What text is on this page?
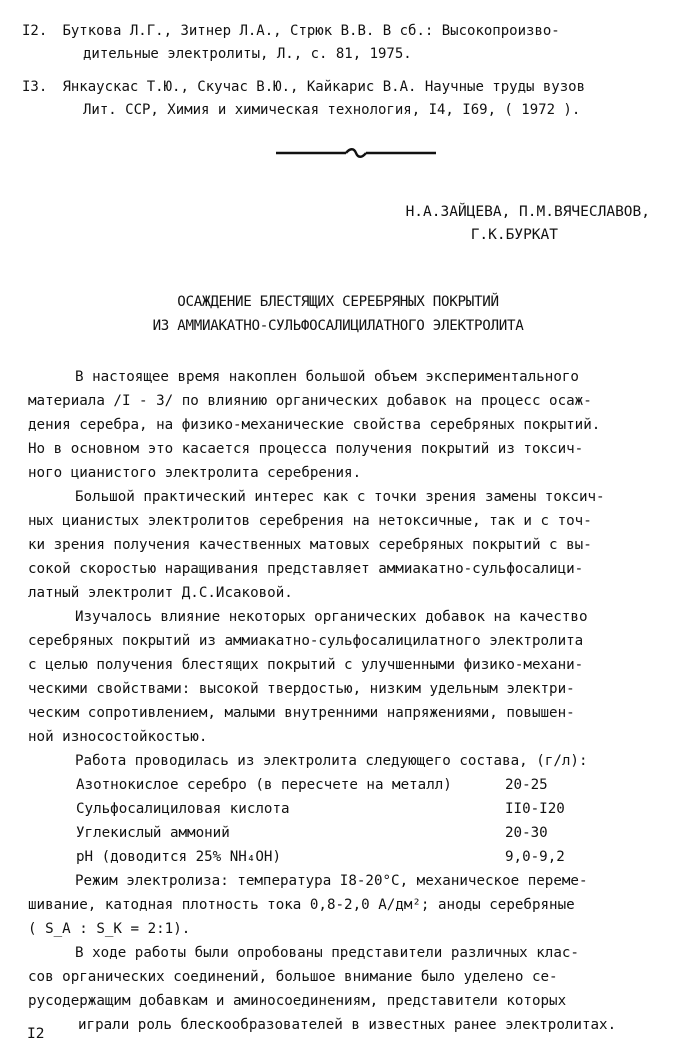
I2. Буткова Л.Г., Зитнер Л.А., Стрюк В.В. В сб.: Высокопроизво-
дительные электролиты, Л., с. 81, 1975.
I3. Янкаускас Т.Ю., Скучас В.Ю., Кайкарис В.А. Научные труды вузов
Лит. ССР, Химия и химическая технология, I4, I69, ( 1972 ).
Н.А.ЗАЙЦЕВА, П.М.ВЯЧЕСЛАВОВ,
Г.К.БУРКАТ
ОСАЖДЕНИЕ БЛЕСТЯЩИХ СЕРЕБРЯНЫХ ПОКРЫТИЙ
ИЗ АММИАКАТНО-СУЛЬФОСАЛИЦИЛАТНОГО ЭЛЕКТРОЛИТА
В настоящее время накоплен большой объем экспериментального
материала /I - 3/ по влиянию органических добавок на процесс осаж-
дения серебра, на физико-механические свойства серебряных покрытий.
Но в основном это касается процесса получения покрытий из токсич-
ного цианистого электролита серебрения.
Большой практический интерес как с точки зрения замены токсич-
ных цианистых электролитов серебрения на нетоксичные, так и с точ-
ки зрения получения качественных матовых серебряных покрытий с вы-
сокой скоростью наращивания представляет аммиакатно-сульфосалици-
латный электролит Д.С.Исаковой.
Изучалось влияние некоторых органических добавок на качество
серебряных покрытий из аммиакатно-сульфосалицилатного электролита
с целью получения блестящих покрытий с улучшенными физико-механи-
ческими свойствами: высокой твердостью, низким удельным электри-
ческим сопротивлением, малыми внутренними напряжениями, повышен-
ной износостойкостью.
Работа проводилась из электролита следующего состава, (г/л):
Азотнокислое серебро (в пересчете на металл)	20-25
Сульфосалициловая кислота	II0-I20
Углекислый аммоний	20-30
pH (доводится 25% NH₄OH)	9,0-9,2
Режим электролиза: температура I8-20°С, механическое переме-
шивание, катодная плотность тока 0,8-2,0 А/дм²; аноды серебряные
( S_A : S_K = 2:1).
В ходе работы были опробованы представители различных клас-
сов органических соединений, большое внимание было уделено се-
русодержащим добавкам и аминосоединениям, представители которых
играли роль блескообразователей в известных ранее электролитах.
I2
